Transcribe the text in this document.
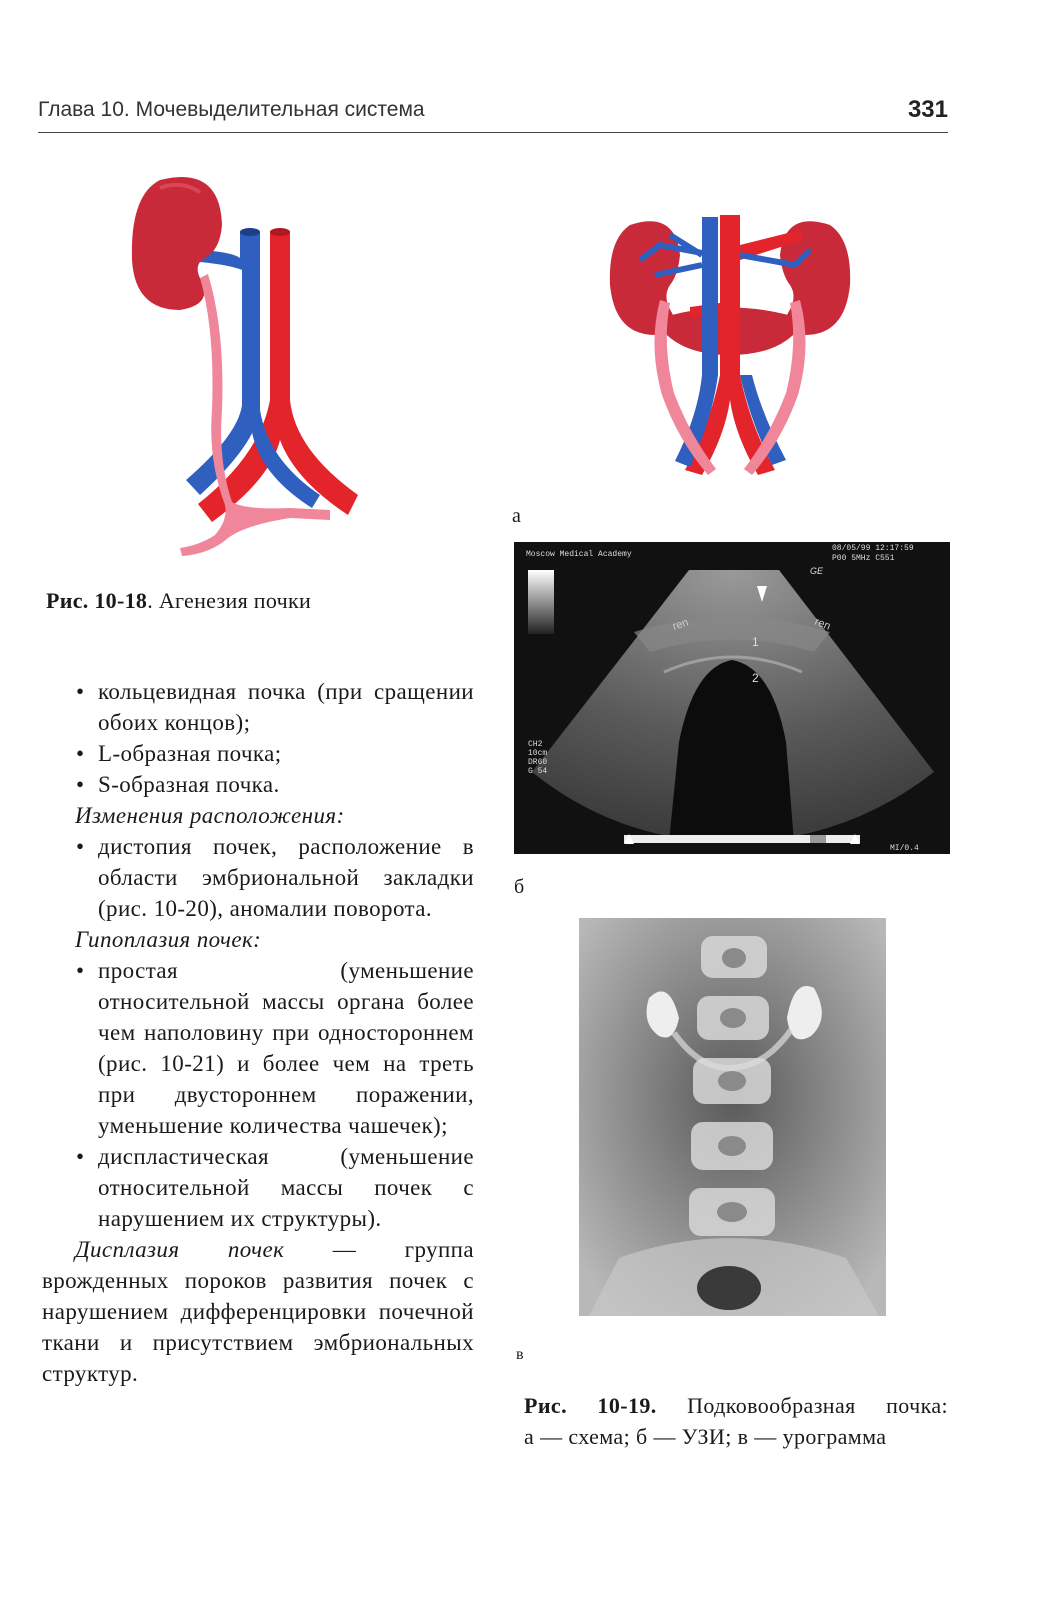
Глава 10. Мочевыделительная система	331
Рис. 10-18. Агенезия почки
• кольцевидная почка (при сращении обоих концов);
• L-образная почка;
• S-образная почка.
Изменения расположения:
• дистопия почек, расположение в области эмбриональной закладки (рис. 10-20), аномалии поворота.
Гипоплазия почек:
• простая (уменьшение относительной массы органа более чем наполовину при одностороннем (рис. 10-21) и более чем на треть при двустороннем поражении, уменьшение количества чашечек);
• диспластическая (уменьшение относительной массы почек с нарушением их структуры).
Дисплазия почек — группа врожденных пороков развития почек с нарушением дифференцировки почечной ткани и присутствием эмбриональных структур.
а
Moscow Medical Academy
08/05/99 12:17:59
P00 5MHz C551
GE
ren	ren
1
2
CH2
10cm
DR60
G 54
MI/0.4
б
в
Рис. 10-19. Подковообразная почка:
а — схема; б — УЗИ; в — урограмма
